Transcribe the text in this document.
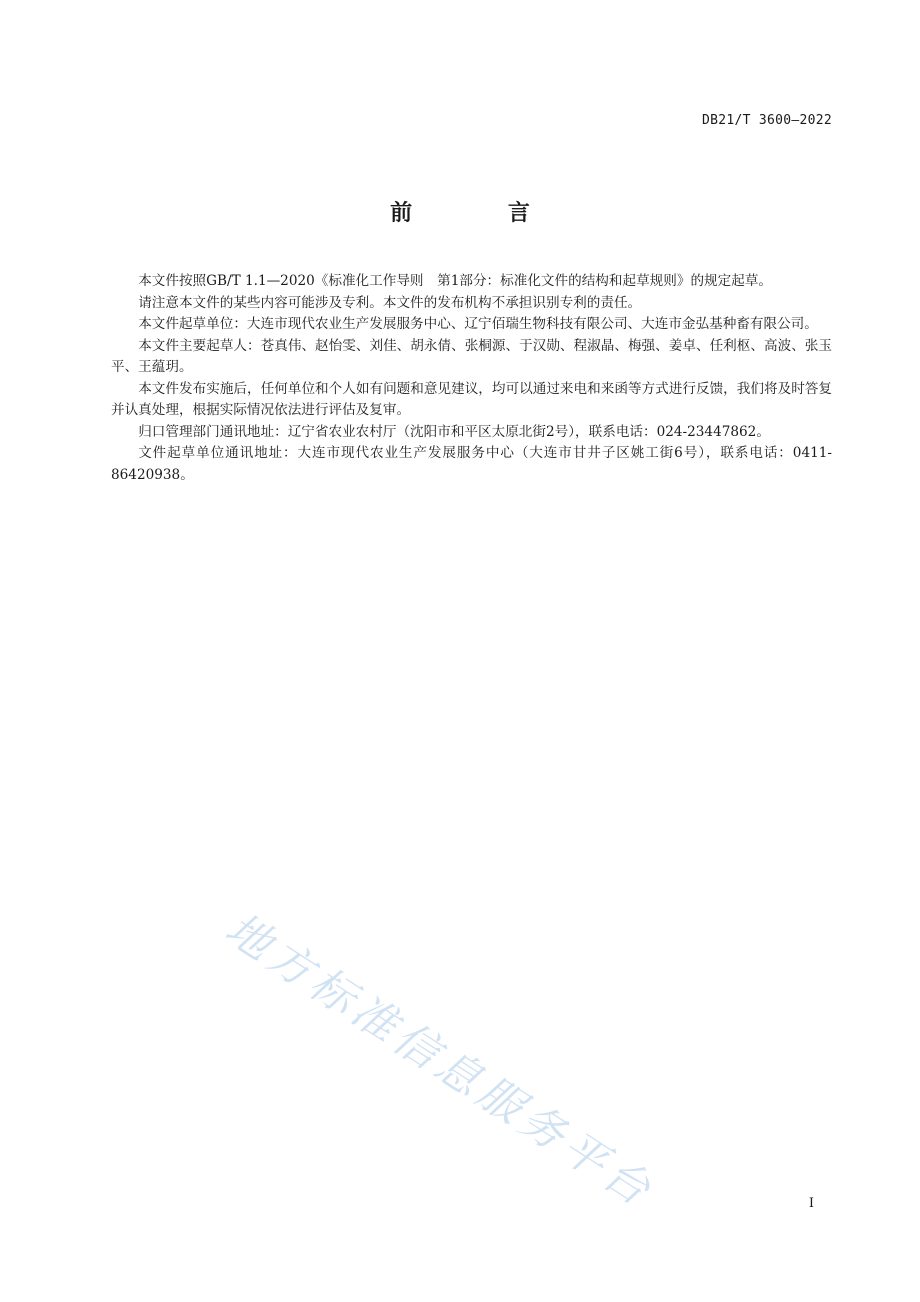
DB21/T 3600—2022
前 言

本文件按照GB/T 1.1—2020《标准化工作导则　第1部分：标准化文件的结构和起草规则》的规定起草。

请注意本文件的某些内容可能涉及专利。本文件的发布机构不承担识别专利的责任。

本文件起草单位：大连市现代农业生产发展服务中心、辽宁佰瑞生物科技有限公司、大连市金弘基种畜有限公司。

本文件主要起草人：苍真伟、赵怡雯、刘佳、胡永倩、张桐源、于汉勋、程淑晶、梅强、姜卓、任利枢、高波、张玉平、王蕴玥。

本文件发布实施后，任何单位和个人如有问题和意见建议，均可以通过来电和来函等方式进行反馈，我们将及时答复并认真处理，根据实际情况依法进行评估及复审。

归口管理部门通讯地址：辽宁省农业农村厅（沈阳市和平区太原北街2号），联系电话：024-23447862。

文件起草单位通讯地址：大连市现代农业生产发展服务中心（大连市甘井子区姚工街6号），联系电话：0411-86420938。

地方标准信息服务平台	I
